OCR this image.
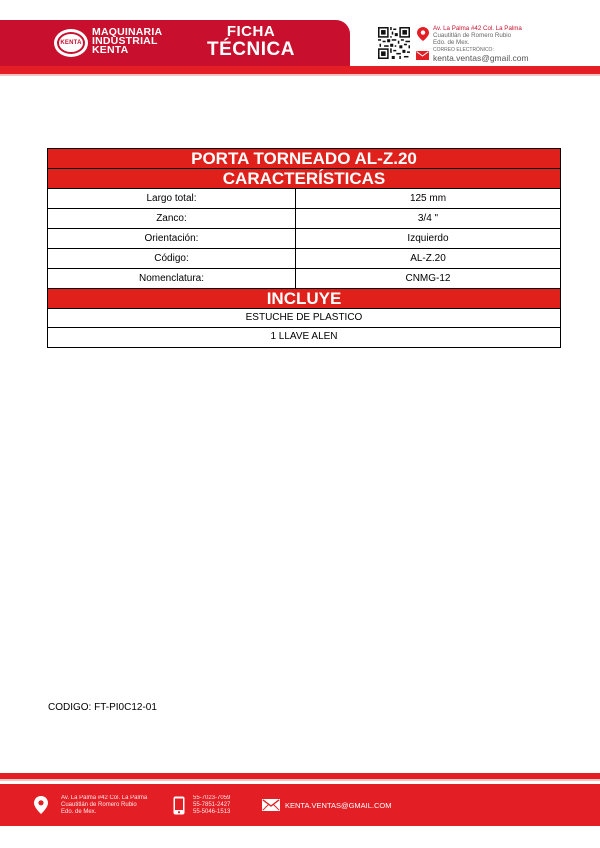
KENTA
MAQUINARIA
INDUSTRIAL
KENTA
FICHA
TÉCNICA
Av. La Palma #42 Col. La Palma
Cuautitlán de Romero Rubio
Edo. de Mex.
CORREO ELECTRÓNICO:
kenta.ventas@gmail.com
PORTA TORNEADO AL-Z.20
CARACTERÍSTICAS
Largo total:	125 mm
Zanco:	3/4 "
Orientación:	Izquierdo
Código:	AL-Z.20
Nomenclatura:	CNMG-12
INCLUYE
ESTUCHE DE PLASTICO
1 LLAVE ALEN
CODIGO: FT-PI0C12-01
Av. La Palma #42 Col. La Palma
Cuautitlán de Romero Rubio
Edo. de Mex.
55-7023-7059
55-7851-2427
55-5046-1513
KENTA.VENTAS@GMAIL.COM
